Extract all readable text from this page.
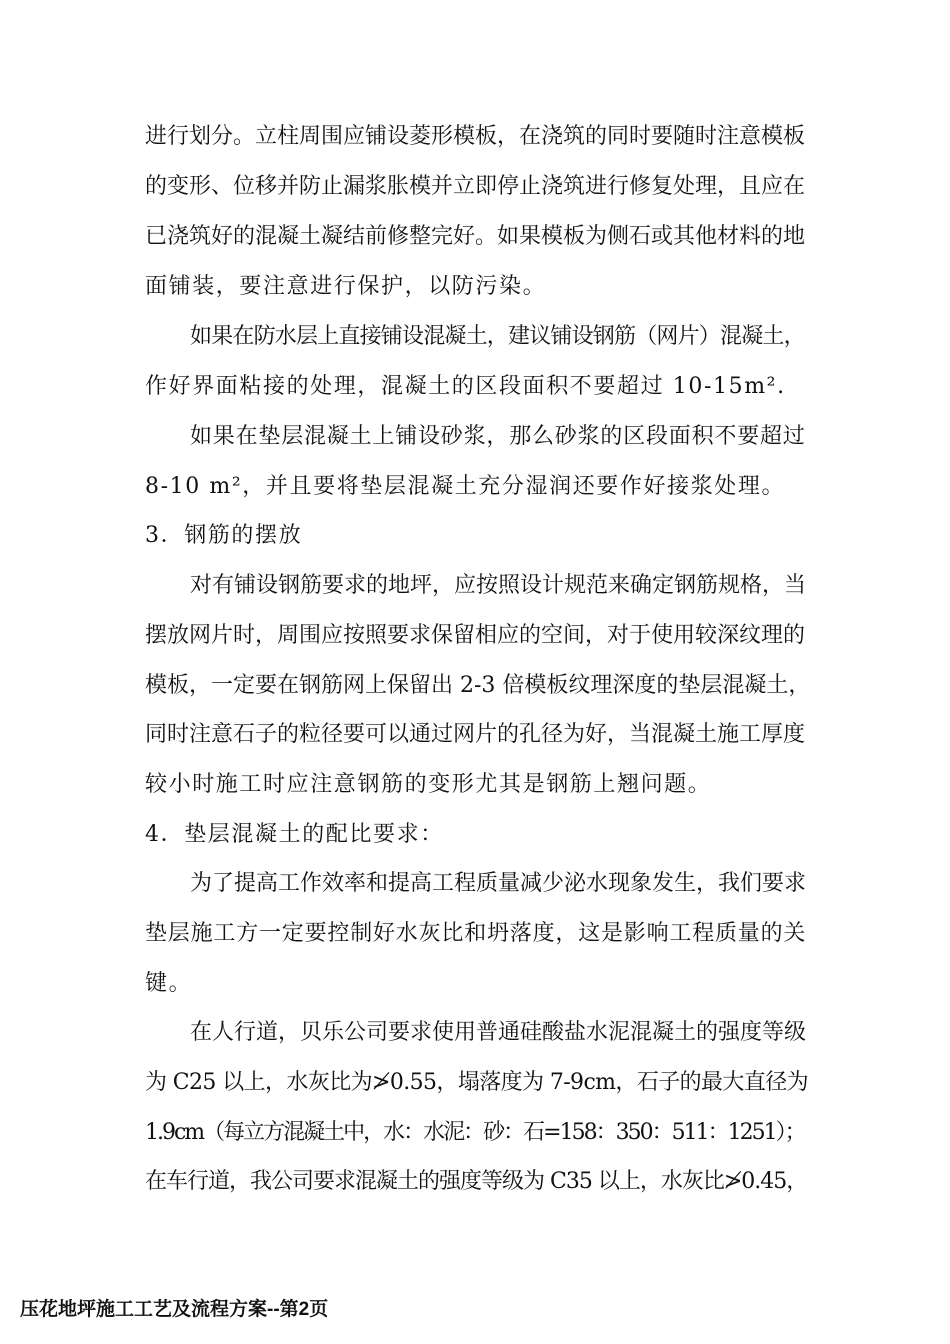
进行划分。立柱周围应铺设菱形模板，在浇筑的同时要随时注意模板
的变形、位移并防止漏浆胀模并立即停止浇筑进行修复处理，且应在
已浇筑好的混凝土凝结前修整完好。如果模板为侧石或其他材料的地
面铺装，要注意进行保护，以防污染。
如果在防水层上直接铺设混凝土，建议铺设钢筋（网片）混凝土，
作好界面粘接的处理，混凝土的区段面积不要超过 10-15m².
如果在垫层混凝土上铺设砂浆，那么砂浆的区段面积不要超过
8-10 m²，并且要将垫层混凝土充分湿润还要作好接浆处理。
3．钢筋的摆放
对有铺设钢筋要求的地坪，应按照设计规范来确定钢筋规格，当
摆放网片时，周围应按照要求保留相应的空间，对于使用较深纹理的
模板，一定要在钢筋网上保留出 2-3 倍模板纹理深度的垫层混凝土，
同时注意石子的粒径要可以通过网片的孔径为好，当混凝土施工厚度
较小时施工时应注意钢筋的变形尤其是钢筋上翘问题。
4．垫层混凝土的配比要求：
为了提高工作效率和提高工程质量减少泌水现象发生，我们要求
垫层施工方一定要控制好水灰比和坍落度，这是影响工程质量的关
键。
在人行道，贝乐公司要求使用普通硅酸盐水泥混凝土的强度等级
为 C25 以上，水灰比为≯0.55，塌落度为 7-9cm，石子的最大直径为
1.9cm（每立方混凝土中，水：水泥：砂：石=158：350：511：1251）；
在车行道，我公司要求混凝土的强度等级为 C35 以上，水灰比≯0.45，
压花地坪施工工艺及流程方案--第2页
